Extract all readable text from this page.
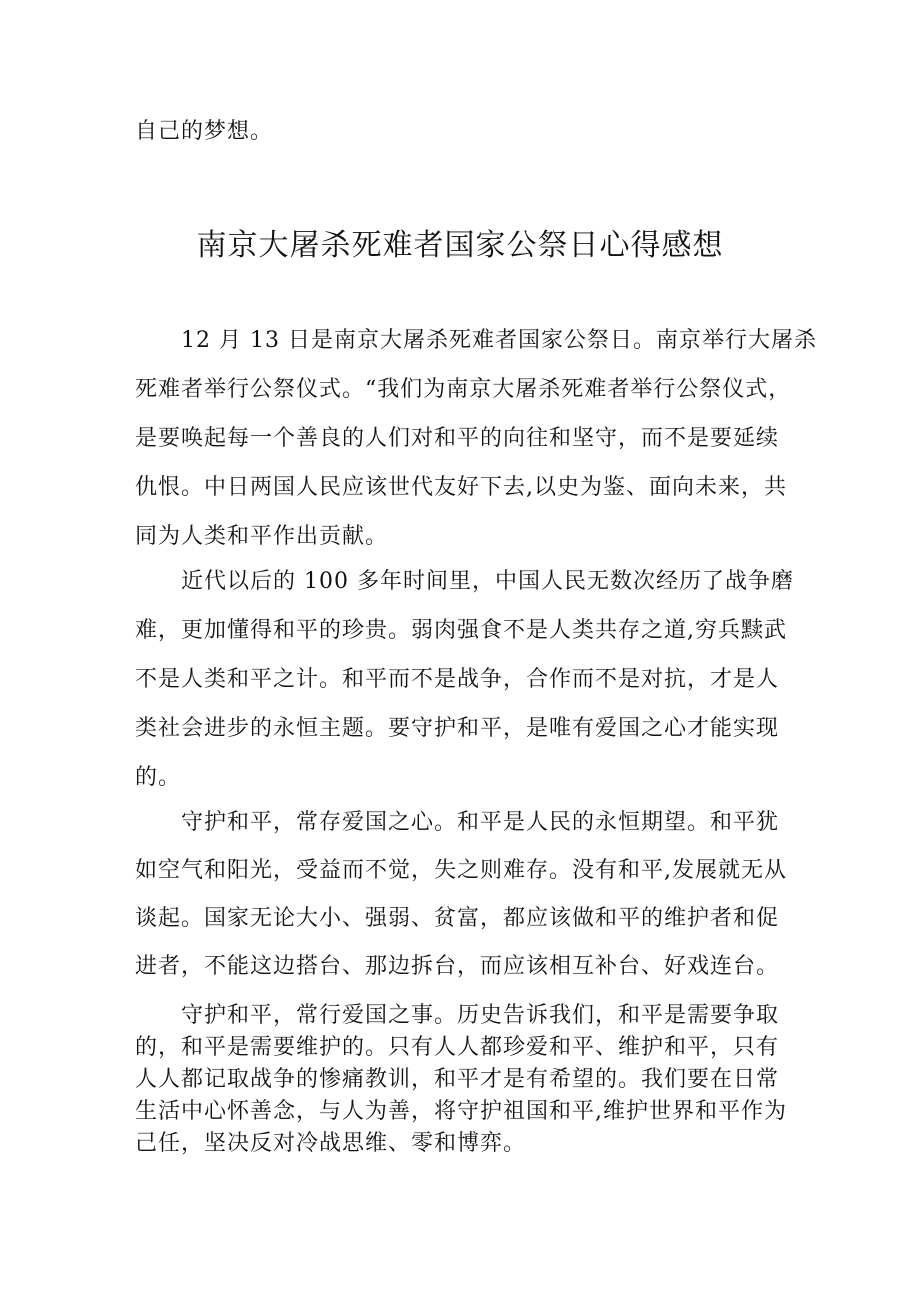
自己的梦想。

南京大屠杀死难者国家公祭日心得感想
12 月 13 日是南京大屠杀死难者国家公祭日。南京举行大屠杀
死难者举行公祭仪式。“我们为南京大屠杀死难者举行公祭仪式，
是要唤起每一个善良的人们对和平的向往和坚守，而不是要延续
仇恨。中日两国人民应该世代友好下去,以史为鉴、面向未来，共
同为人类和平作出贡献。
近代以后的 100 多年时间里，中国人民无数次经历了战争磨
难，更加懂得和平的珍贵。弱肉强食不是人类共存之道,穷兵黩武
不是人类和平之计。和平而不是战争，合作而不是对抗，才是人
类社会进步的永恒主题。要守护和平，是唯有爱国之心才能实现
的。
守护和平，常存爱国之心。和平是人民的永恒期望。和平犹
如空气和阳光，受益而不觉，失之则难存。没有和平,发展就无从
谈起。国家无论大小、强弱、贫富，都应该做和平的维护者和促
进者，不能这边搭台、那边拆台，而应该相互补台、好戏连台。
守护和平，常行爱国之事。历史告诉我们，和平是需要争取
的，和平是需要维护的。只有人人都珍爱和平、维护和平，只有
人人都记取战争的惨痛教训，和平才是有希望的。我们要在日常
生活中心怀善念，与人为善，将守护祖国和平,维护世界和平作为
己任，坚决反对冷战思维、零和博弈。
